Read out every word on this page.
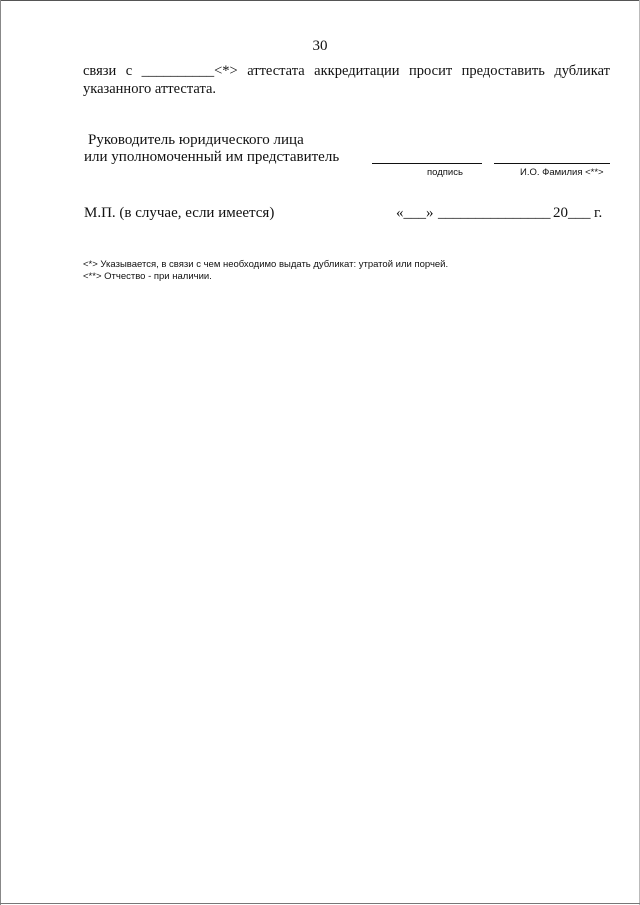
30
связи с __________<*> аттестата аккредитации просит предоставить дубликат
указанного аттестата.
Руководитель юридического лица
или уполномоченный им представитель
подпись	И.О. Фамилия <**>
М.П. (в случае, если имеется)	«___» _______________ 20___ г.
<*> Указывается, в связи с чем необходимо выдать дубликат: утратой или порчей.
<**> Отчество - при наличии.
